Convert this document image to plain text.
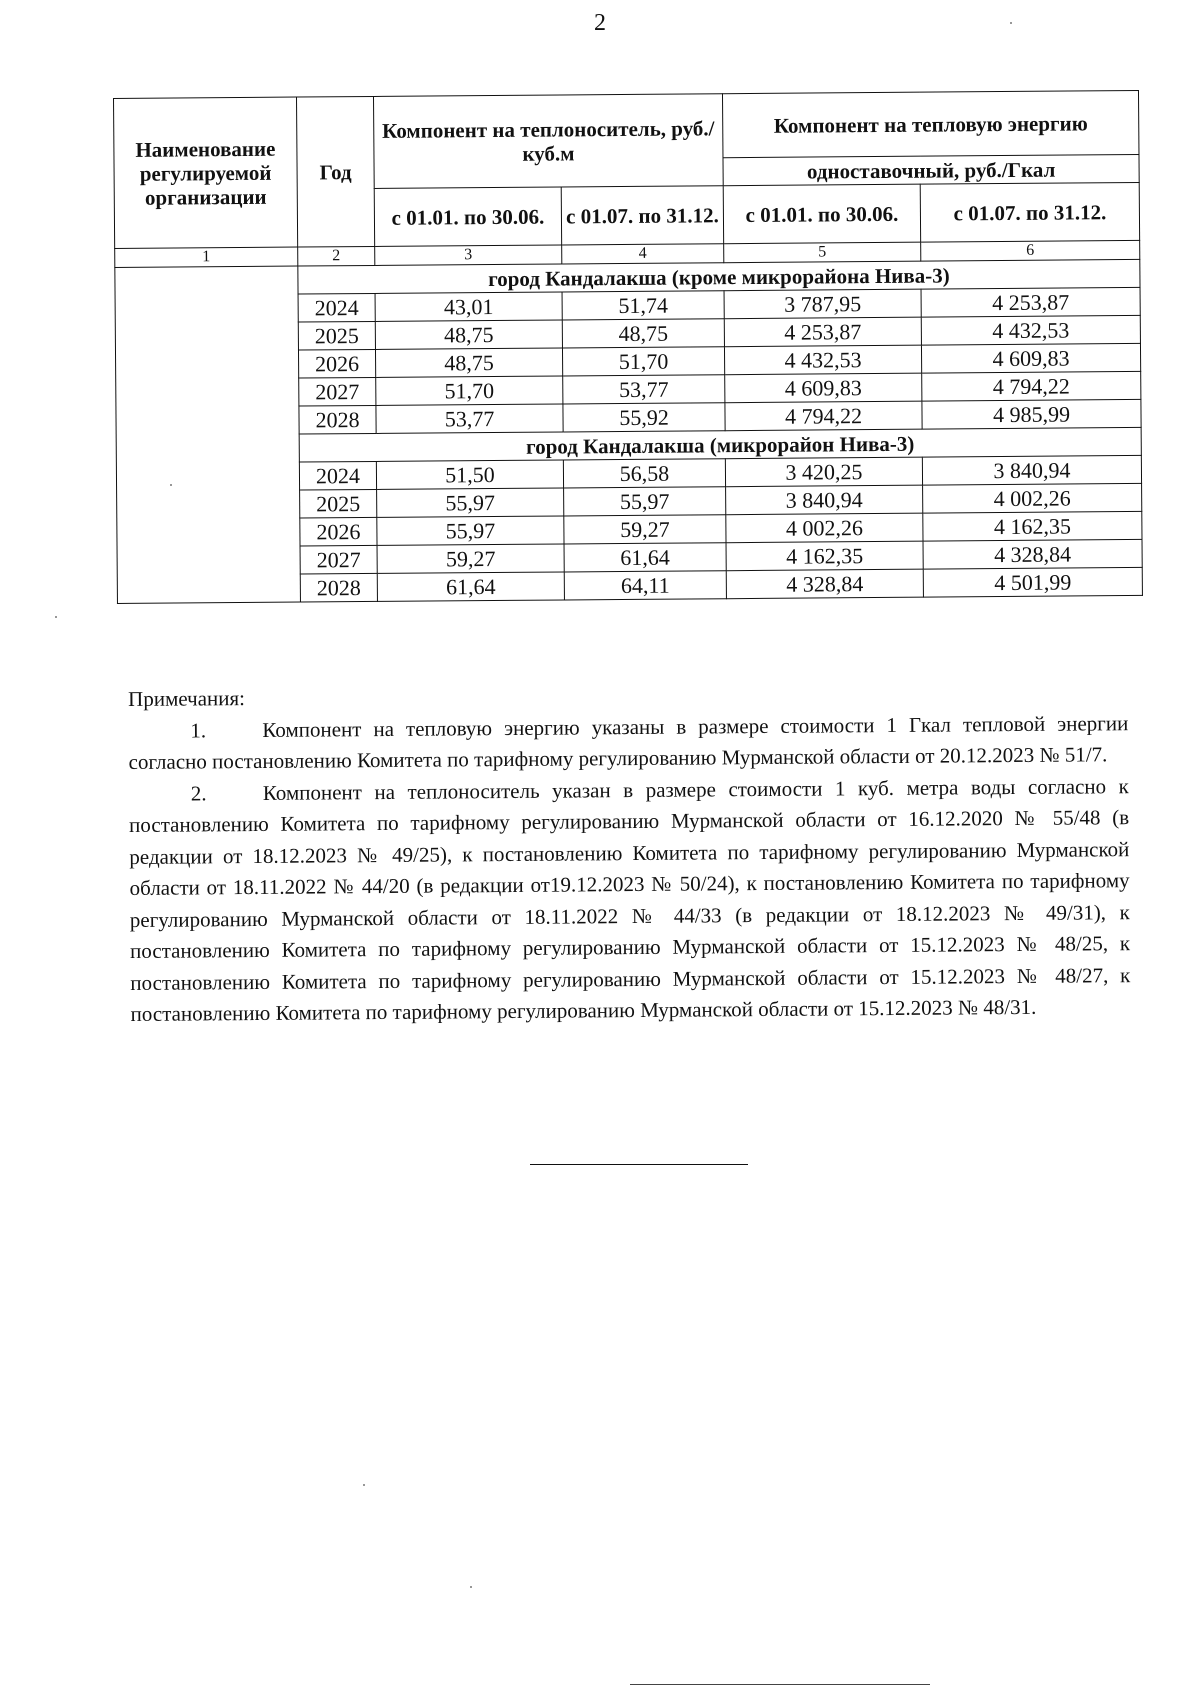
2
Наименование регулируемой организации	Год	Компонент на теплоноситель, руб./куб.м		Компонент на тепловую энергию	
				одноставочный, руб./Гкал	
		с 01.01. по 30.06.	с 01.07. по 31.12.	с 01.01. по 30.06.	с 01.07. по 31.12.
1	2	3	4	5	6
	город Кандалакша (кроме микрорайона Нива-3)				
	2024	43,01	51,74	3 787,95	4 253,87
	2025	48,75	48,75	4 253,87	4 432,53
	2026	48,75	51,70	4 432,53	4 609,83
	2027	51,70	53,77	4 609,83	4 794,22
	2028	53,77	55,92	4 794,22	4 985,99
	город Кандалакша (микрорайон Нива-3)				
	2024	51,50	56,58	3 420,25	3 840,94
	2025	55,97	55,97	3 840,94	4 002,26
	2026	55,97	59,27	4 002,26	4 162,35
	2027	59,27	61,64	4 162,35	4 328,84
	2028	61,64	64,11	4 328,84	4 501,99

Примечания:

1.	Компонент на тепловую энергию указаны в размере стоимости 1 Гкал тепловой энергии согласно постановлению Комитета по тарифному регулированию Мурманской области от 20.12.2023 № 51/7.

2.	Компонент на теплоноситель указан в размере стоимости 1 куб. метра воды согласно к постановлению Комитета по тарифному регулированию Мурманской области от 16.12.2020 № 55/48 (в редакции от 18.12.2023 № 49/25), к постановлению Комитета по тарифному регулированию Мурманской области от 18.11.2022 № 44/20 (в редакции от19.12.2023 № 50/24), к постановлению Комитета по тарифному регулированию Мурманской области от 18.11.2022 № 44/33 (в редакции от 18.12.2023 № 49/31), к постановлению Комитета по тарифному регулированию Мурманской области от 15.12.2023 № 48/25, к постановлению Комитета по тарифному регулированию Мурманской области от 15.12.2023 № 48/27, к постановлению Комитета по тарифному регулированию Мурманской области от 15.12.2023 № 48/31.
